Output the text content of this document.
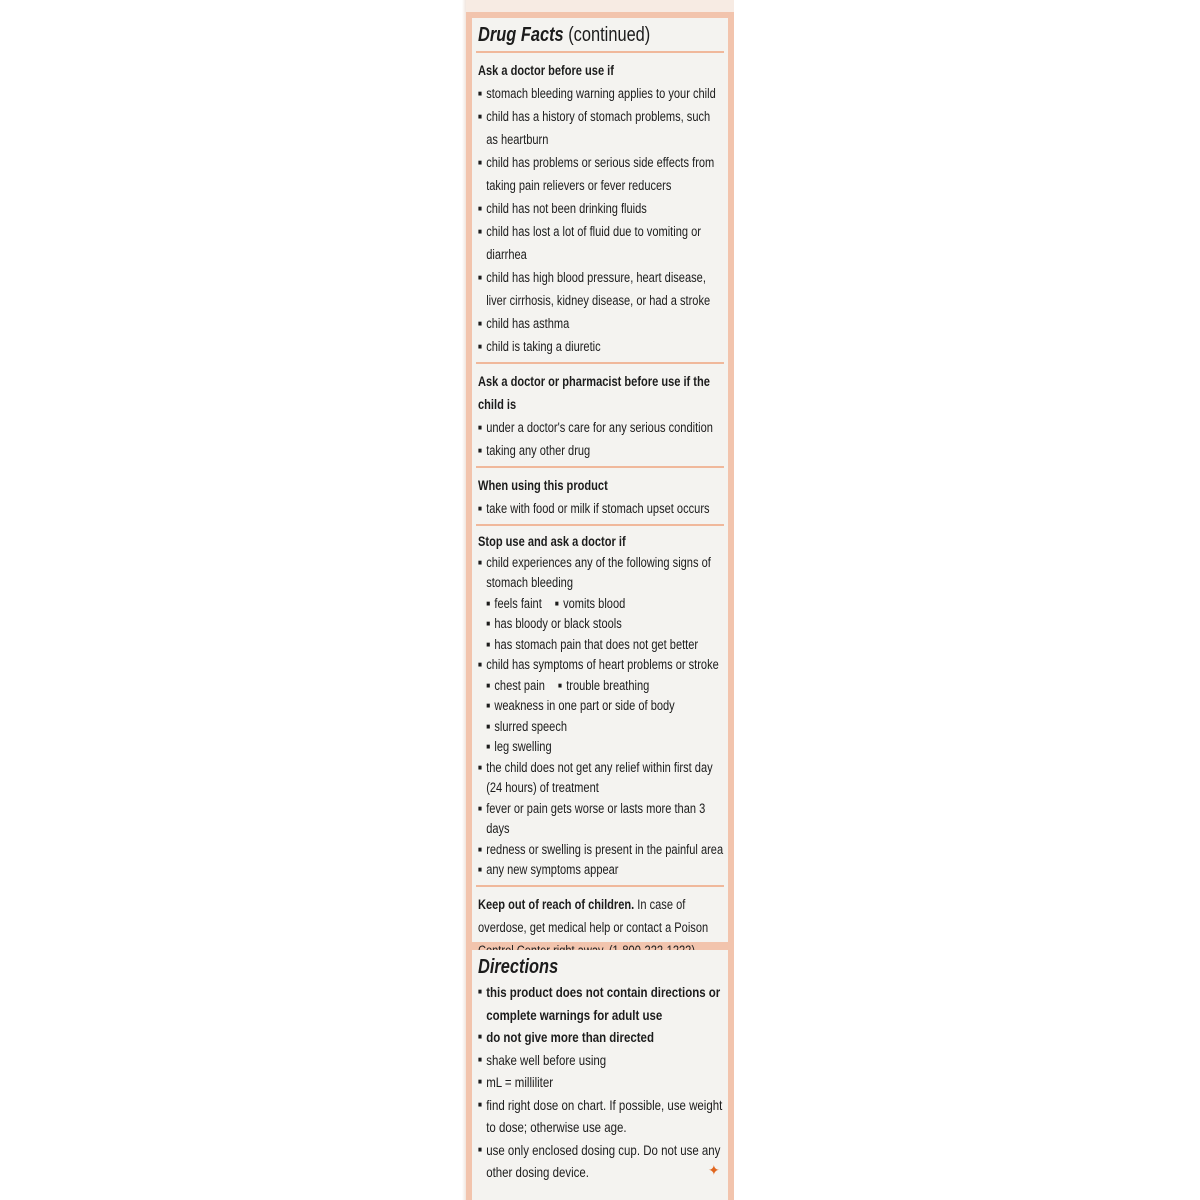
Drug Facts (continued)
Ask a doctor before use if
■ stomach bleeding warning applies to your child
■ child has a history of stomach problems, such as heartburn
■ child has problems or serious side effects from taking pain relievers or fever reducers
■ child has not been drinking fluids
■ child has lost a lot of fluid due to vomiting or diarrhea
■ child has high blood pressure, heart disease, liver cirrhosis, kidney disease, or had a stroke
■ child has asthma
■ child is taking a diuretic
Ask a doctor or pharmacist before use if the child is
■ under a doctor's care for any serious condition
■ taking any other drug
When using this product
■ take with food or milk if stomach upset occurs
Stop use and ask a doctor if
■ child experiences any of the following signs of stomach bleeding
■ feels faint ■ vomits blood
■ has bloody or black stools
■ has stomach pain that does not get better
■ child has symptoms of heart problems or stroke
■ chest pain ■ trouble breathing
■ weakness in one part or side of body
■ slurred speech
■ leg swelling
■ the child does not get any relief within first day (24 hours) of treatment
■ fever or pain gets worse or lasts more than 3 days
■ redness or swelling is present in the painful area
■ any new symptoms appear
Keep out of reach of children. In case of overdose, get medical help or contact a Poison
Directions
■ this product does not contain directions or complete warnings for adult use
■ do not give more than directed
■ shake well before using
■ mL = milliliter
■ find right dose on chart. If possible, use weight to dose; otherwise use age.
■ use only enclosed dosing cup. Do not use any other dosing device.	✦
